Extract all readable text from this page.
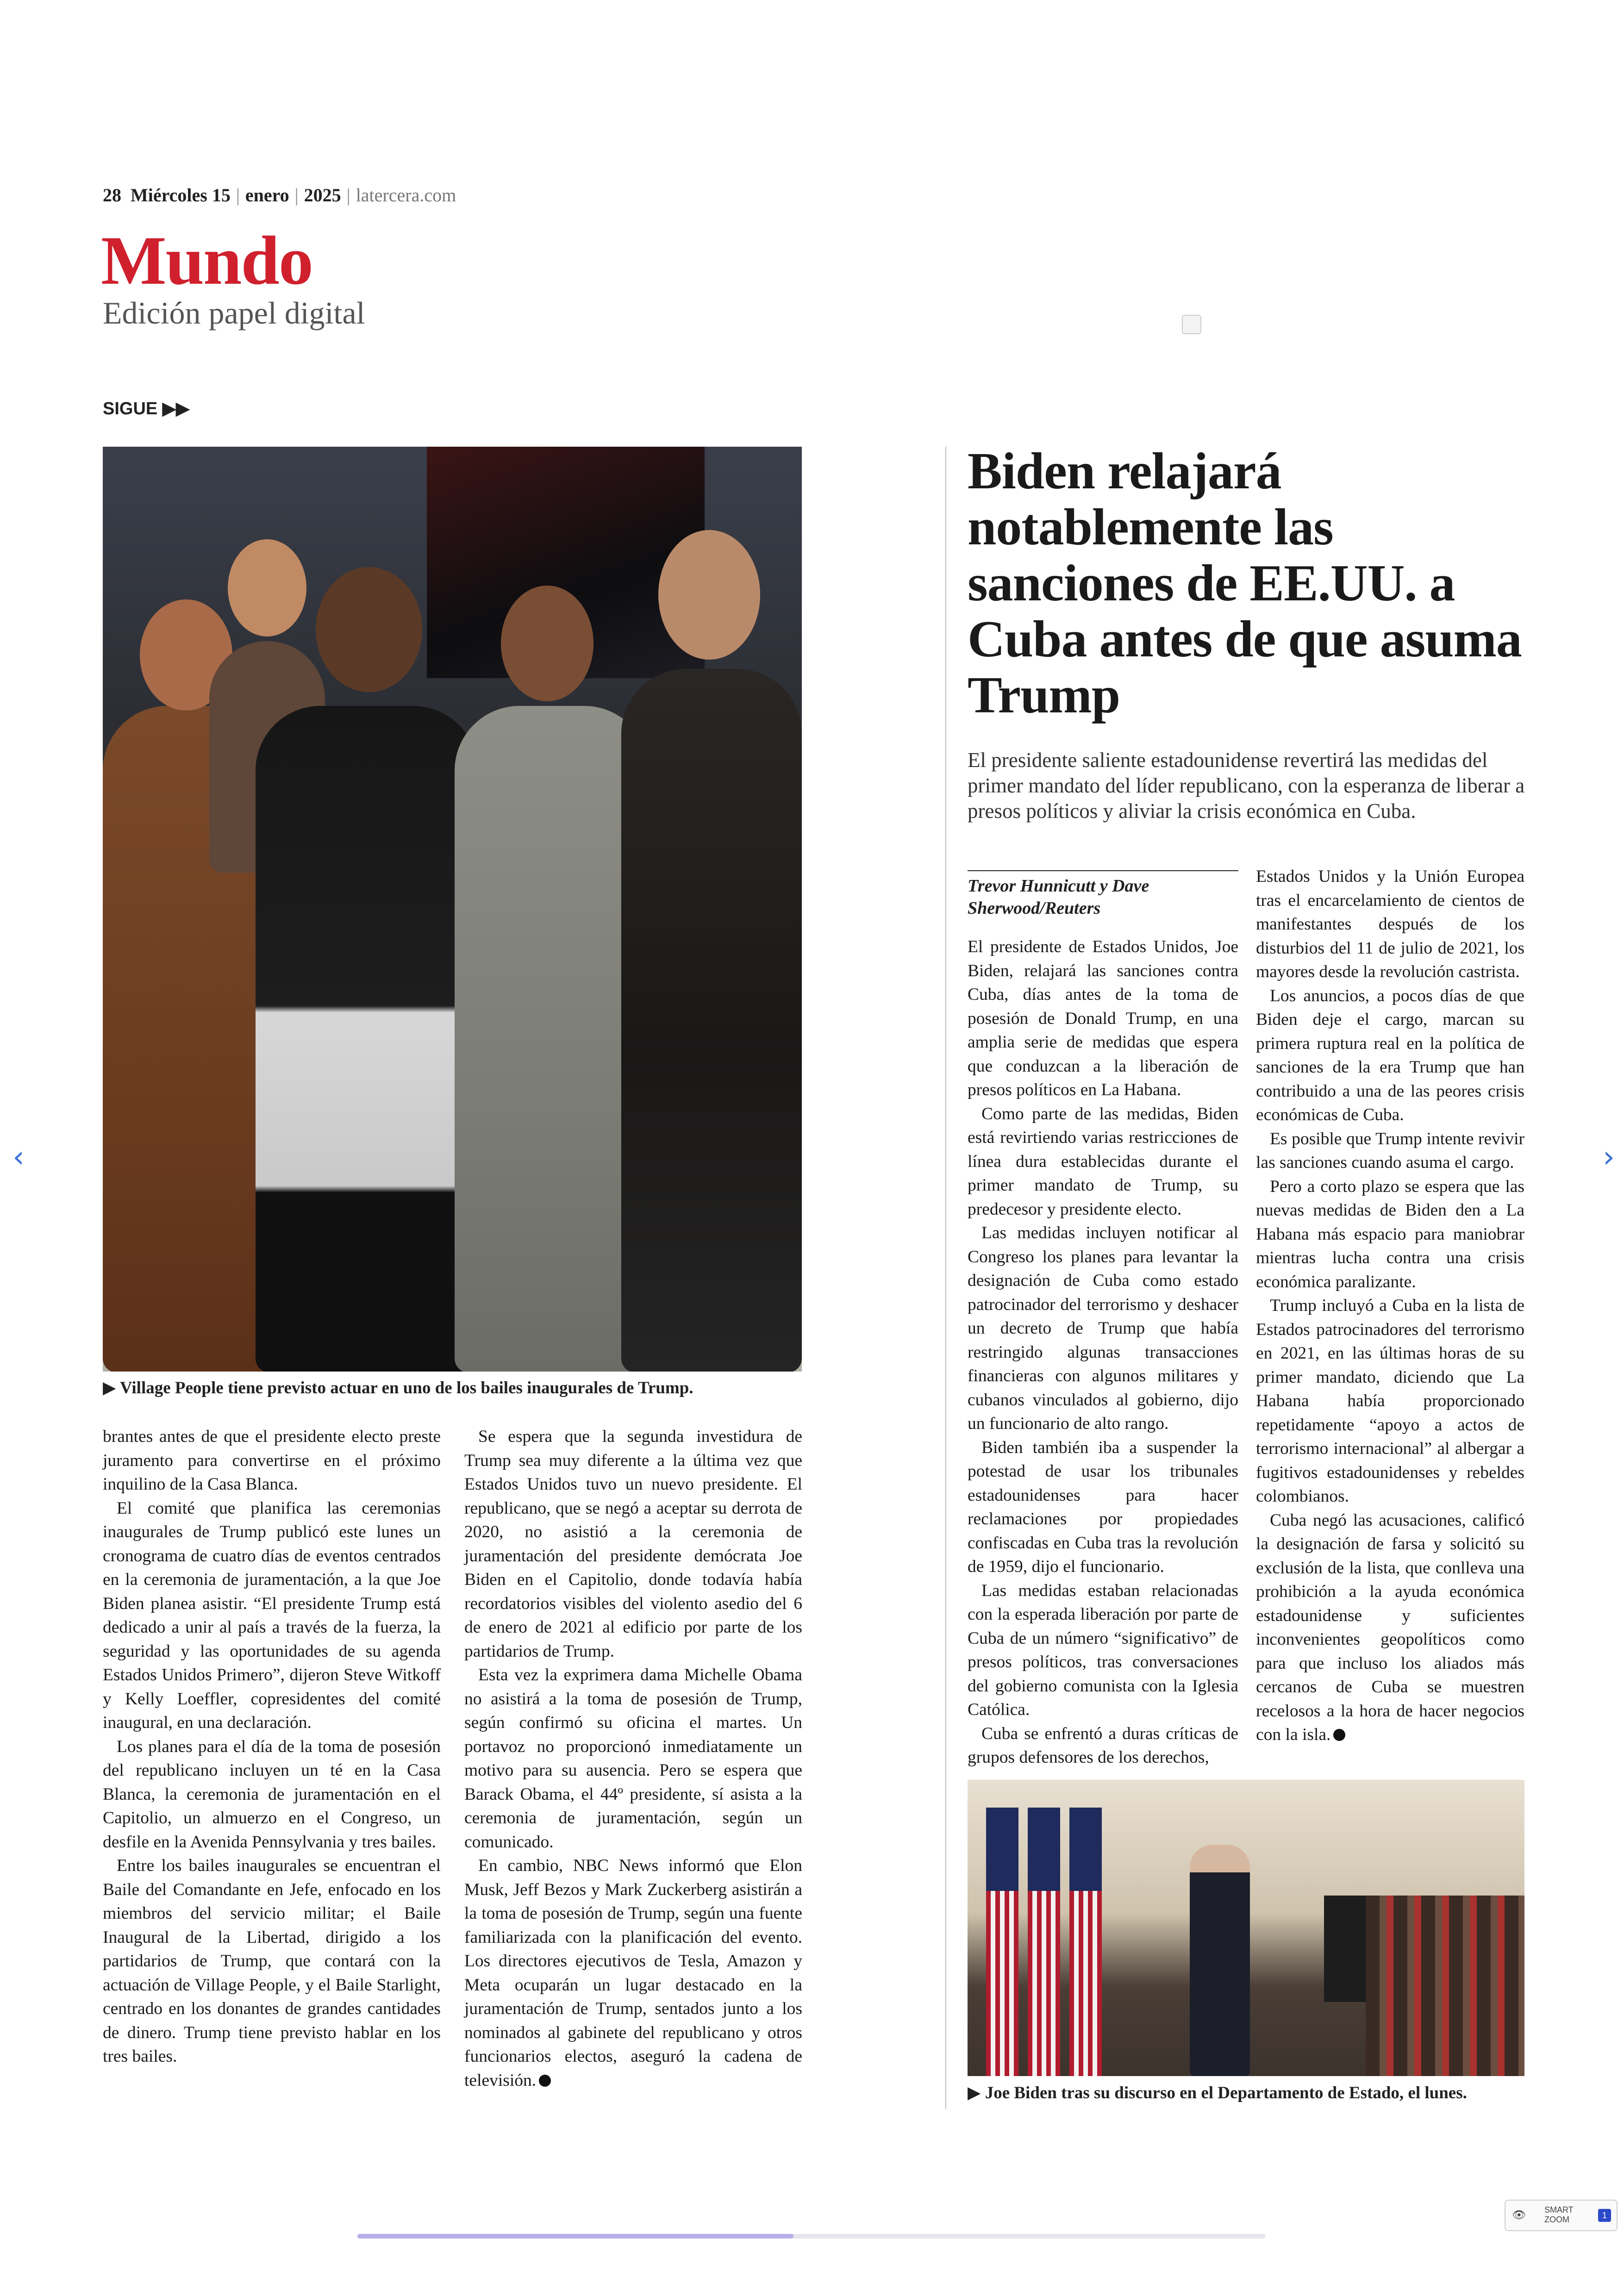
28 Miércoles 15 | enero | 2025 | latercera.com
Mundo
Edición papel digital
SIGUE ▶▶
▶ Village People tiene previsto actuar en uno de los bailes inaugurales de Trump.

brantes antes de que el presidente electo preste juramento para convertirse en el próximo inquilino de la Casa Blanca.

El comité que planifica las ceremonias inaugurales de Trump publicó este lunes un cronograma de cuatro días de eventos centrados en la ceremonia de juramentación, a la que Joe Biden planea asistir. “El presidente Trump está dedicado a unir al país a través de la fuerza, la seguridad y las oportunidades de su agenda Estados Unidos Primero”, dijeron Steve Witkoff y Kelly Loeffler, copresidentes del comité inaugural, en una declaración.

Los planes para el día de la toma de posesión del republicano incluyen un té en la Casa Blanca, la ceremonia de juramentación en el Capitolio, un almuerzo en el Congreso, un desfile en la Avenida Pennsylvania y tres bailes.

Entre los bailes inaugurales se encuentran el Baile del Comandante en Jefe, enfocado en los miembros del servicio militar; el Baile Inaugural de la Libertad, dirigido a los partidarios de Trump, que contará con la actuación de Village People, y el Baile Starlight, centrado en los donantes de grandes cantidades de dinero. Trump tiene previsto hablar en los tres bailes.

Se espera que la segunda investidura de Trump sea muy diferente a la última vez que Estados Unidos tuvo un nuevo presidente. El republicano, que se negó a aceptar su derrota de 2020, no asistió a la ceremonia de juramentación del presidente demócrata Joe Biden en el Capitolio, donde todavía había recordatorios visibles del violento asedio del 6 de enero de 2021 al edificio por parte de los partidarios de Trump.

Esta vez la exprimera dama Michelle Obama no asistirá a la toma de posesión de Trump, según confirmó su oficina el martes. Un portavoz no proporcionó inmediatamente un motivo para su ausencia. Pero se espera que Barack Obama, el 44º presidente, sí asista a la ceremonia de juramentación, según un comunicado.

En cambio, NBC News informó que Elon Musk, Jeff Bezos y Mark Zuckerberg asistirán a la toma de posesión de Trump, según una fuente familiarizada con la planificación del evento. Los directores ejecutivos de Tesla, Amazon y Meta ocuparán un lugar destacado en la juramentación de Trump, sentados junto a los nominados al gabinete del republicano y otros funcionarios electos, aseguró la cadena de televisión.

Biden relajará notablemente las sanciones de EE.UU. a Cuba antes de que asuma Trump
El presidente saliente estadounidense revertirá las medidas del primer mandato del líder republicano, con la esperanza de liberar a presos políticos y aliviar la crisis económica en Cuba.
Trevor Hunnicutt y Dave Sherwood/Reuters

El presidente de Estados Unidos, Joe Biden, relajará las sanciones contra Cuba, días antes de la toma de posesión de Donald Trump, en una amplia serie de medidas que espera que conduzcan a la liberación de presos políticos en La Habana.

Como parte de las medidas, Biden está revirtiendo varias restricciones de línea dura establecidas durante el primer mandato de Trump, su predecesor y presidente electo.

Las medidas incluyen notificar al Congreso los planes para levantar la designación de Cuba como estado patrocinador del terrorismo y deshacer un decreto de Trump que había restringido algunas transacciones financieras con algunos militares y cubanos vinculados al gobierno, dijo un funcionario de alto rango.

Biden también iba a suspender la potestad de usar los tribunales estadounidenses para hacer reclamaciones por propiedades confiscadas en Cuba tras la revolución de 1959, dijo el funcionario.

Las medidas estaban relacionadas con la esperada liberación por parte de Cuba de un número “significativo” de presos políticos, tras conversaciones del gobierno comunista con la Iglesia Católica.

Cuba se enfrentó a duras críticas de grupos defensores de los derechos,

Estados Unidos y la Unión Europea tras el encarcelamiento de cientos de manifestantes después de los disturbios del 11 de julio de 2021, los mayores desde la revolución castrista.

Los anuncios, a pocos días de que Biden deje el cargo, marcan su primera ruptura real en la política de sanciones de la era Trump que han contribuido a una de las peores crisis económicas de Cuba.

Es posible que Trump intente revivir las sanciones cuando asuma el cargo.

Pero a corto plazo se espera que las nuevas medidas de Biden den a La Habana más espacio para maniobrar mientras lucha contra una crisis económica paralizante.

Trump incluyó a Cuba en la lista de Estados patrocinadores del terrorismo en 2021, en las últimas horas de su primer mandato, diciendo que La Habana había proporcionado repetidamente “apoyo a actos de terrorismo internacional” al albergar a fugitivos estadounidenses y rebeldes colombianos.

Cuba negó las acusaciones, calificó la designación de farsa y solicitó su exclusión de la lista, que conlleva una prohibición a la ayuda económica estadounidense y suficientes inconvenientes geopolíticos como para que incluso los aliados más cercanos de Cuba se muestren recelosos a la hora de hacer negocios con la isla.

▶ Joe Biden tras su discurso en el Departamento de Estado, el lunes.
‹	›
👁 SMART
ZOOM	1
